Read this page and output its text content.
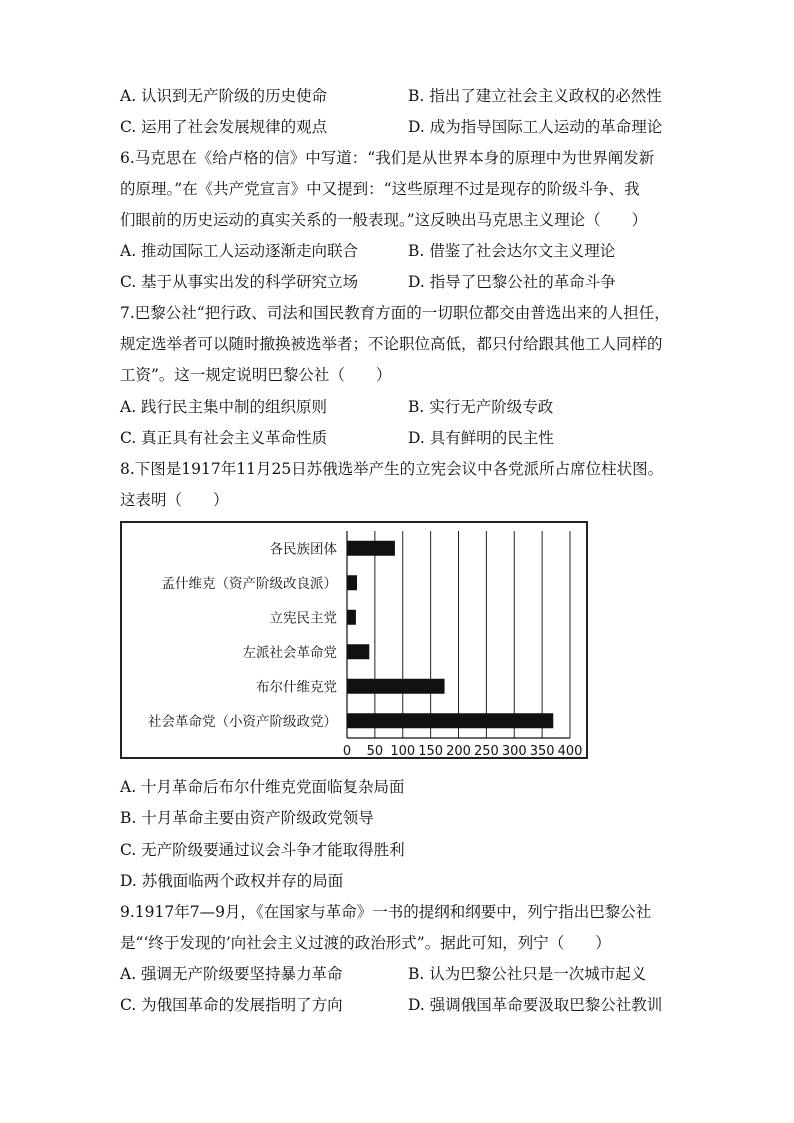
A. 认识到无产阶级的历史使命	B. 指出了建立社会主义政权的必然性
C. 运用了社会发展规律的观点	D. 成为指导国际工人运动的革命理论
6.马克思在《给卢格的信》中写道：“我们是从世界本身的原理中为世界阐发新
的原理。”在《共产党宣言》中又提到：“这些原理不过是现存的阶级斗争、我
们眼前的历史运动的真实关系的一般表现。”这反映出马克思主义理论（　　）
A. 推动国际工人运动逐渐走向联合	B. 借鉴了社会达尔文主义理论
C. 基于从事实出发的科学研究立场	D. 指导了巴黎公社的革命斗争
7.巴黎公社“把行政、司法和国民教育方面的一切职位都交由普选出来的人担任，
规定选举者可以随时撤换被选举者；不论职位高低，都只付给跟其他工人同样的
工资”。这一规定说明巴黎公社（　　）
A. 践行民主集中制的组织原则	B. 实行无产阶级专政
C. 真正具有社会主义革命性质	D. 具有鲜明的民主性
8.下图是1917年11月25日苏俄选举产生的立宪会议中各党派所占席位柱状图。
这表明（　　）
0 50 100 150 200 250 300 350 400
各民族团体
孟什维克（资产阶级改良派）
立宪民主党
左派社会革命党
布尔什维克党
社会革命党（小资产阶级政党）
A. 十月革命后布尔什维克党面临复杂局面
B. 十月革命主要由资产阶级政党领导
C. 无产阶级要通过议会斗争才能取得胜利
D. 苏俄面临两个政权并存的局面
9.1917年7—9月，《在国家与革命》一书的提纲和纲要中，列宁指出巴黎公社
是“‘终于发现的’向社会主义过渡的政治形式”。据此可知，列宁（　　）
A. 强调无产阶级要坚持暴力革命	B. 认为巴黎公社只是一次城市起义
C. 为俄国革命的发展指明了方向	D. 强调俄国革命要汲取巴黎公社教训
